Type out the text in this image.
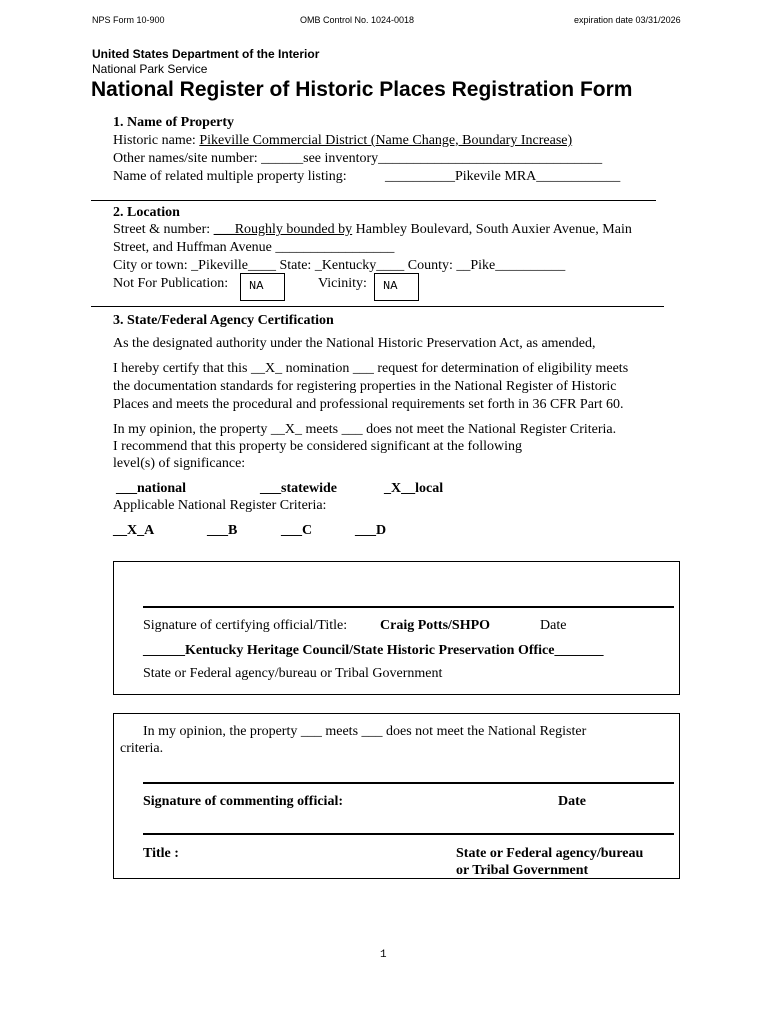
NPS Form 10-900	OMB Control No. 1024-0018	expiration date 03/31/2026
United States Department of the Interior
National Park Service
National Register of Historic Places Registration Form
1. Name of Property
Historic name: Pikeville Commercial District (Name Change, Boundary Increase)
Other names/site number: ______see inventory________________________________
Name of related multiple property listing:	__________Pikevile MRA____________
2. Location
Street & number: ___Roughly bounded by Hambley Boulevard, South Auxier Avenue, Main
Street, and Huffman Avenue _________________
City or town: _Pikeville____ State: _Kentucky____ County: __Pike__________
Not For Publication:	NA	Vicinity:	NA
3. State/Federal Agency Certification
As the designated authority under the National Historic Preservation Act, as amended,
I hereby certify that this __X_ nomination ___ request for determination of eligibility meets
the documentation standards for registering properties in the National Register of Historic
Places and meets the procedural and professional requirements set forth in 36 CFR Part 60.
In my opinion, the property __X_ meets ___ does not meet the National Register Criteria.
I recommend that this property be considered significant at the following
level(s) of significance:
___national	___statewide	_X__local
Applicable National Register Criteria:
__X_A	___B	___C	___D
Signature of certifying official/Title: Craig Potts/SHPO	Date
______Kentucky Heritage Council/State Historic Preservation Office_______
State or Federal agency/bureau or Tribal Government
In my opinion, the property ___ meets ___ does not meet the National Register
criteria.
Signature of commenting official:	Date
Title :	State or Federal agency/bureau
or Tribal Government
1
